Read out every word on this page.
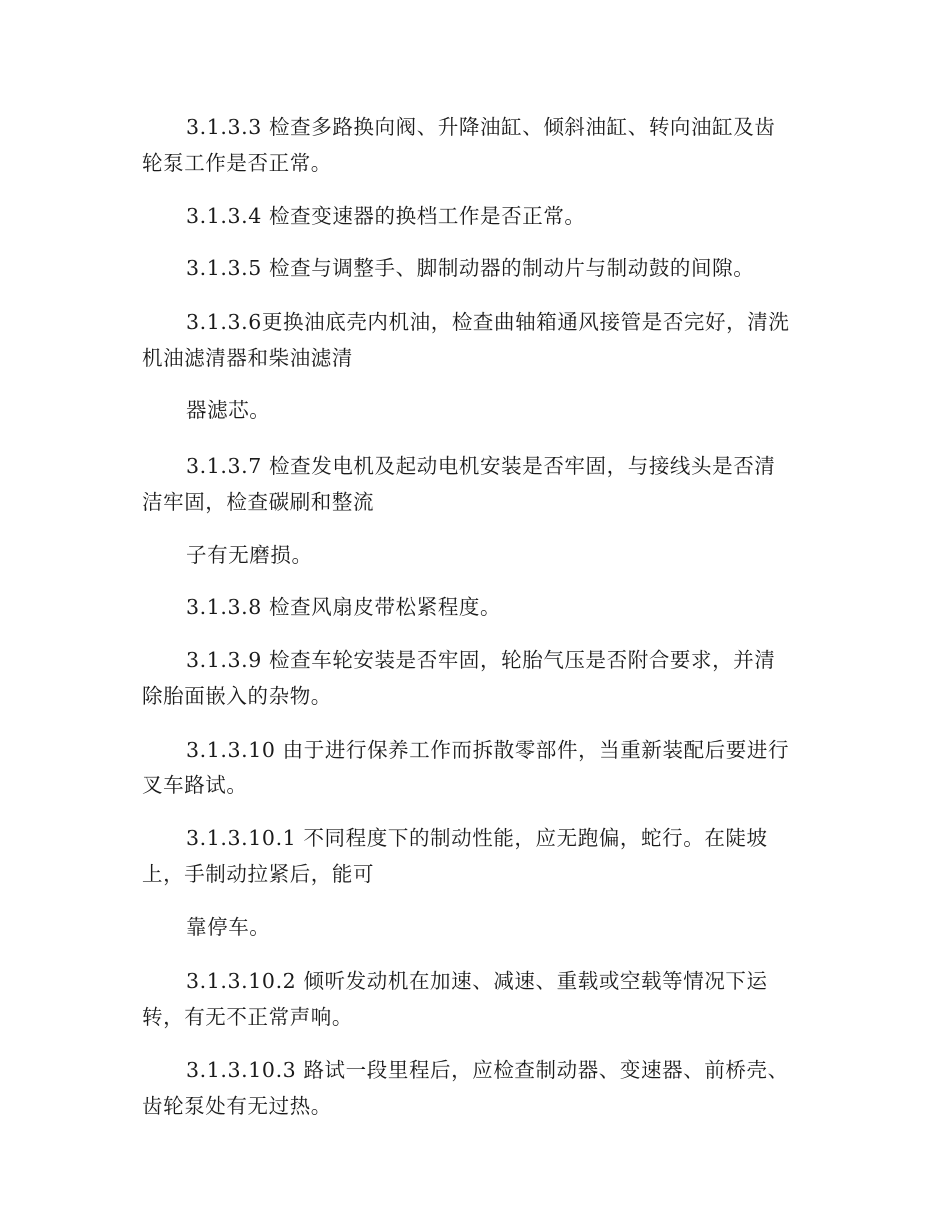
3.1.3.3 检查多路换向阀、升降油缸、倾斜油缸、转向油缸及齿
轮泵工作是否正常。
3.1.3.4 检查变速器的换档工作是否正常。
3.1.3.5 检查与调整手、脚制动器的制动片与制动鼓的间隙。
3.1.3.6更换油底壳内机油，检查曲轴箱通风接管是否完好，清洗
机油滤清器和柴油滤清
器滤芯。
3.1.3.7 检查发电机及起动电机安装是否牢固，与接线头是否清
洁牢固，检查碳刷和整流
子有无磨损。
3.1.3.8 检查风扇皮带松紧程度。
3.1.3.9 检查车轮安装是否牢固，轮胎气压是否附合要求，并清
除胎面嵌入的杂物。
3.1.3.10 由于进行保养工作而拆散零部件，当重新装配后要进行
叉车路试。
3.1.3.10.1 不同程度下的制动性能，应无跑偏，蛇行。在陡坡
上，手制动拉紧后，能可
靠停车。
3.1.3.10.2 倾听发动机在加速、减速、重载或空载等情况下运
转，有无不正常声响。
3.1.3.10.3 路试一段里程后，应检查制动器、变速器、前桥壳、
齿轮泵处有无过热。
